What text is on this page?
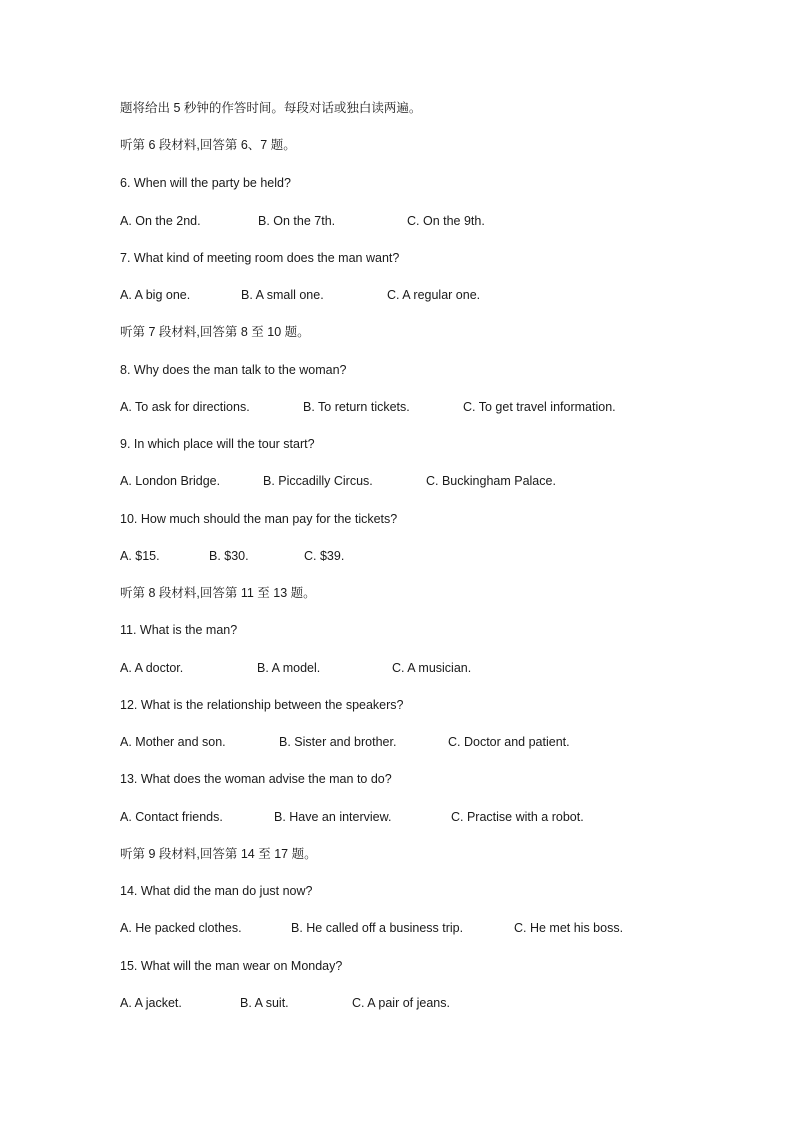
题将给出 5 秒钟的作答时间。每段对话或独白读两遍。
听第 6 段材料,回答第 6、7 题。
6. When will the party be held?
A. On the 2nd.	B. On the 7th.	C. On the 9th.
7. What kind of meeting room does the man want?
A. A big one.	B. A small one.	C. A regular one.
听第 7 段材料,回答第 8 至 10 题。
8. Why does the man talk to the woman?
A. To ask for directions.	B. To return tickets.	C. To get travel information.
9. In which place will the tour start?
A. London Bridge.	B. Piccadilly Circus.	C. Buckingham Palace.
10. How much should the man pay for the tickets?
A. $15.	B. $30.	C. $39.
听第 8 段材料,回答第 11 至 13 题。
11. What is the man?
A. A doctor.	B. A model.	C. A musician.
12. What is the relationship between the speakers?
A. Mother and son.	B. Sister and brother.	C. Doctor and patient.
13. What does the woman advise the man to do?
A. Contact friends.	B. Have an interview.	C. Practise with a robot.
听第 9 段材料,回答第 14 至 17 题。
14. What did the man do just now?
A. He packed clothes.	B. He called off a business trip.	C. He met his boss.
15. What will the man wear on Monday?
A. A jacket.	B. A suit.	C. A pair of jeans.
